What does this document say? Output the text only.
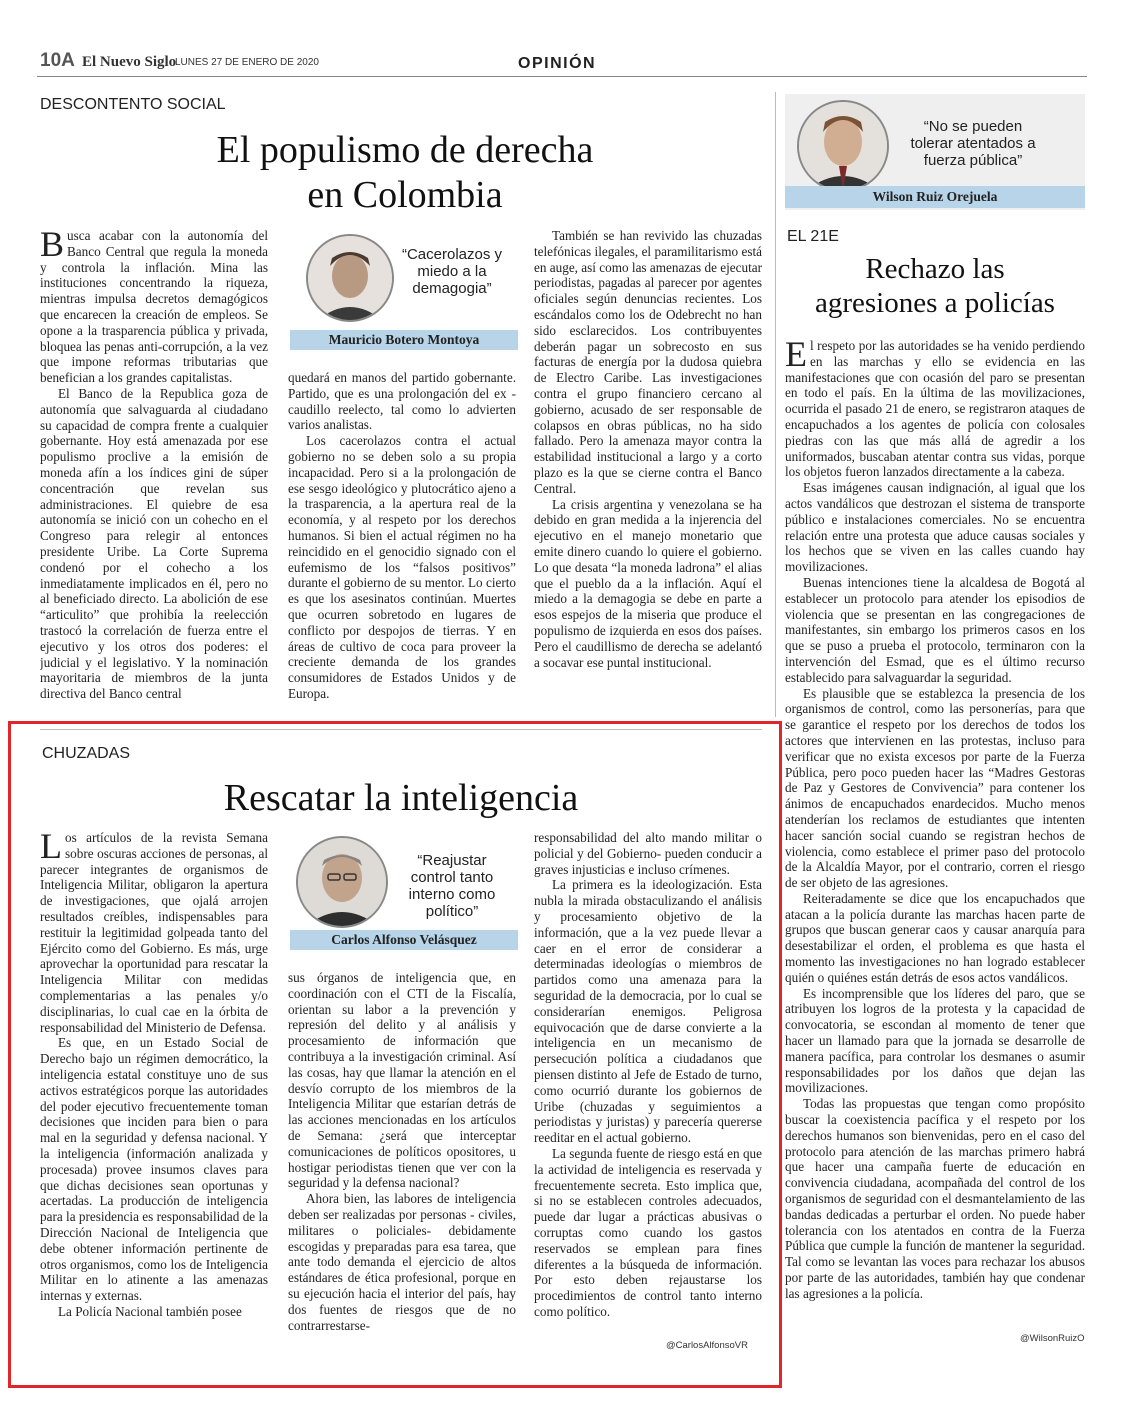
10A El Nuevo Siglo
LUNES 27 DE ENERO DE 2020	OPINIÓN
DESCONTENTO SOCIAL
El populismo de derecha
en Colombia

Busca acabar con la autonomía del Banco Central que regula la moneda y controla la inflación. Mina las instituciones concentrando la riqueza, mientras impulsa decretos demagógicos que encarecen la creación de empleos. Se opone a la trasparencia pública y privada, bloquea las penas anti-corrupción, a la vez que impone reformas tributarias que benefician a los grandes capitalistas.

El Banco de la Republica goza de autonomía que salvaguarda al ciudadano su capacidad de compra frente a cualquier gobernante. Hoy está amenazada por ese populismo proclive a la emisión de moneda afín a los índices gini de súper concentración que revelan sus administraciones. El quiebre de esa autonomía se inició con un cohecho en el Congreso para relegir al entonces presidente Uribe. La Corte Suprema condenó por el cohecho a los inmediatamente implicados en él, pero no al beneficiado directo. La abolición de ese “articulito” que prohibía la reelección trastocó la correlación de fuerza entre el ejecutivo y los otros dos poderes: el judicial y el legislativo. Y la nominación mayoritaria de miembros de la junta directiva del Banco central

“Cacerolazos y miedo a la demagogia”
Mauricio Botero Montoya

quedará en manos del partido gobernante. Partido, que es una prolongación del ex - caudillo reelecto, tal como lo advierten varios analistas.

Los cacerolazos contra el actual gobierno no se deben solo a su propia incapacidad. Pero si a la prolongación de ese sesgo ideológico y plutocrático ajeno a la trasparencia, a la apertura real de la economía, y al respeto por los derechos humanos. Si bien el actual régimen no ha reincidido en el genocidio signado con el eufemismo de los “falsos positivos” durante el gobierno de su mentor. Lo cierto es que los asesinatos continúan. Muertes que ocurren sobretodo en lugares de conflicto por despojos de tierras. Y en áreas de cultivo de coca para proveer la creciente demanda de los grandes consumidores de Estados Unidos y de Europa.

También se han revivido las chuzadas telefónicas ilegales, el paramilitarismo está en auge, así como las amenazas de ejecutar periodistas, pagadas al parecer por agentes oficiales según denuncias recientes. Los escándalos como los de Odebrecht no han sido esclarecidos. Los contribuyentes deberán pagar un sobrecosto en sus facturas de energía por la dudosa quiebra de Electro Caribe. Las investigaciones contra el grupo financiero cercano al gobierno, acusado de ser responsable de colapsos en obras públicas, no ha sido fallado. Pero la amenaza mayor contra la estabilidad institucional a largo y a corto plazo es la que se cierne contra el Banco Central.

La crisis argentina y venezolana se ha debido en gran medida a la injerencia del ejecutivo en el manejo monetario que emite dinero cuando lo quiere el gobierno. Lo que desata “la moneda ladrona” el alias que el pueblo da a la inflación. Aquí el miedo a la demagogia se debe en parte a esos espejos de la miseria que produce el populismo de izquierda en esos dos países. Pero el caudillismo de derecha se adelantó a socavar ese puntal institucional.

CHUZADAS
Rescatar la inteligencia

Los artículos de la revista Semana sobre oscuras acciones de personas, al parecer integrantes de organismos de Inteligencia Militar, obligaron la apertura de investigaciones, que ojalá arrojen resultados creíbles, indispensables para restituir la legitimidad golpeada tanto del Ejército como del Gobierno. Es más, urge aprovechar la oportunidad para rescatar la Inteligencia Militar con medidas complementarias a las penales y/o disciplinarias, lo cual cae en la órbita de responsabilidad del Ministerio de Defensa.

Es que, en un Estado Social de Derecho bajo un régimen democrático, la inteligencia estatal constituye uno de sus activos estratégicos porque las autoridades del poder ejecutivo frecuentemente toman decisiones que inciden para bien o para mal en la seguridad y defensa nacional. Y la inteligencia (información analizada y procesada) provee insumos claves para que dichas decisiones sean oportunas y acertadas. La producción de inteligencia para la presidencia es responsabilidad de la Dirección Nacional de Inteligencia que debe obtener información pertinente de otros organismos, como los de Inteligencia Militar en lo atinente a las amenazas internas y externas.

La Policía Nacional también posee

“Reajustar control tanto interno como político”
Carlos Alfonso Velásquez

sus órganos de inteligencia que, en coordinación con el CTI de la Fiscalía, orientan su labor a la prevención y represión del delito y al análisis y procesamiento de información que contribuya a la investigación criminal. Así las cosas, hay que llamar la atención en el desvío corrupto de los miembros de la Inteligencia Militar que estarían detrás de las acciones mencionadas en los artículos de Semana: ¿será que interceptar comunicaciones de políticos opositores, u hostigar periodistas tienen que ver con la seguridad y la defensa nacional?

Ahora bien, las labores de inteligencia deben ser realizadas por personas - civiles, militares o policiales- debidamente escogidas y preparadas para esa tarea, que ante todo demanda el ejercicio de altos estándares de ética profesional, porque en su ejecución hacia el interior del país, hay dos fuentes de riesgos que de no contrarrestarse-

responsabilidad del alto mando militar o policial y del Gobierno- pueden conducir a graves injusticias e incluso crímenes.

La primera es la ideologización. Esta nubla la mirada obstaculizando el análisis y procesamiento objetivo de la información, que a la vez puede llevar a caer en el error de considerar a determinadas ideologías o miembros de partidos como una amenaza para la seguridad de la democracia, por lo cual se considerarían enemigos. Peligrosa equivocación que de darse convierte a la inteligencia en un mecanismo de persecución política a ciudadanos que piensen distinto al Jefe de Estado de turno, como ocurrió durante los gobiernos de Uribe (chuzadas y seguimientos a periodistas y juristas) y parecería quererse reeditar en el actual gobierno.

La segunda fuente de riesgo está en que la actividad de inteligencia es reservada y frecuentemente secreta. Esto implica que, si no se establecen controles adecuados, puede dar lugar a prácticas abusivas o corruptas como cuando los gastos reservados se emplean para fines diferentes a la búsqueda de información. Por esto deben rejaustarse los procedimientos de control tanto interno como político.

@CarlosAlfonsoVR
“No se pueden tolerar atentados a fuerza pública”
Wilson Ruiz Orejuela
EL 21E
Rechazo las
agresiones a policías

El respeto por las autoridades se ha venido perdiendo en las marchas y ello se evidencia en las manifestaciones que con ocasión del paro se presentan en todo el país. En la última de las movilizaciones, ocurrida el pasado 21 de enero, se registraron ataques de encapuchados a los agentes de policía con colosales piedras con las que más allá de agredir a los uniformados, buscaban atentar contra sus vidas, porque los objetos fueron lanzados directamente a la cabeza.

Esas imágenes causan indignación, al igual que los actos vandálicos que destrozan el sistema de transporte público e instalaciones comerciales. No se encuentra relación entre una protesta que aduce causas sociales y los hechos que se viven en las calles cuando hay movilizaciones.

Buenas intenciones tiene la alcaldesa de Bogotá al establecer un protocolo para atender los episodios de violencia que se presentan en las congregaciones de manifestantes, sin embargo los primeros casos en los que se puso a prueba el protocolo, terminaron con la intervención del Esmad, que es el último recurso establecido para salvaguardar la seguridad.

Es plausible que se establezca la presencia de los organismos de control, como las personerías, para que se garantice el respeto por los derechos de todos los actores que intervienen en las protestas, incluso para verificar que no exista excesos por parte de la Fuerza Pública, pero poco pueden hacer las “Madres Gestoras de Paz y Gestores de Convivencia” para contener los ánimos de encapuchados enardecidos. Mucho menos atenderían los reclamos de estudiantes que intenten hacer sanción social cuando se registran hechos de violencia, como establece el primer paso del protocolo de la Alcaldía Mayor, por el contrario, corren el riesgo de ser objeto de las agresiones.

Reiteradamente se dice que los encapuchados que atacan a la policía durante las marchas hacen parte de grupos que buscan generar caos y causar anarquía para desestabilizar el orden, el problema es que hasta el momento las investigaciones no han logrado establecer quién o quiénes están detrás de esos actos vandálicos.

Es incomprensible que los líderes del paro, que se atribuyen los logros de la protesta y la capacidad de convocatoria, se escondan al momento de tener que hacer un llamado para que la jornada se desarrolle de manera pacífica, para controlar los desmanes o asumir responsabilidades por los daños que dejan las movilizaciones.

Todas las propuestas que tengan como propósito buscar la coexistencia pacífica y el respeto por los derechos humanos son bienvenidas, pero en el caso del protocolo para atención de las marchas primero habrá que hacer una campaña fuerte de educación en convivencia ciudadana, acompañada del control de los organismos de seguridad con el desmantelamiento de las bandas dedicadas a perturbar el orden. No puede haber tolerancia con los atentados en contra de la Fuerza Pública que cumple la función de mantener la seguridad. Tal como se levantan las voces para rechazar los abusos por parte de las autoridades, también hay que condenar las agresiones a la policía.

@WilsonRuizO
